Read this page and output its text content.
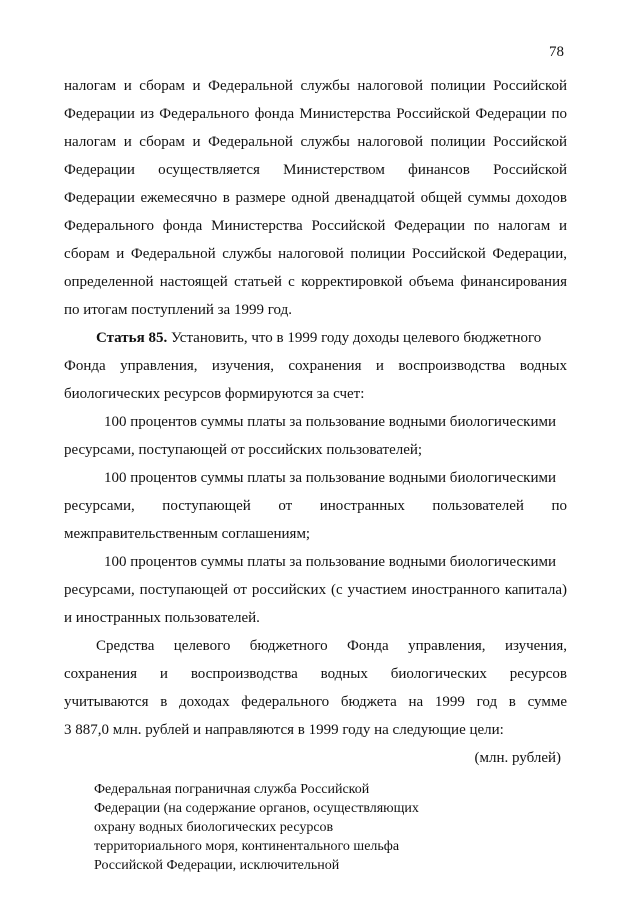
78
налогам и сборам и Федеральной службы налоговой полиции Российской
Федерации из Федерального фонда Министерства Российской Федерации по
налогам и сборам и Федеральной службы налоговой полиции Российской
Федерации осуществляется Министерством финансов Российской
Федерации ежемесячно в размере одной двенадцатой общей суммы доходов
Федерального фонда Министерства Российской Федерации по налогам и
сборам и Федеральной службы налоговой полиции Российской Федерации,
определенной настоящей статьей с корректировкой объема финансирования
по итогам поступлений за 1999 год.
Статья 85. Установить, что в 1999 году доходы целевого бюджетного
Фонда управления, изучения, сохранения и воспроизводства водных
биологических ресурсов формируются за счет:
100 процентов суммы платы за пользование водными биологическими
ресурсами, поступающей от российских пользователей;
100 процентов суммы платы за пользование водными биологическими
ресурсами, поступающей от иностранных пользователей по
межправительственным соглашениям;
100 процентов суммы платы за пользование водными биологическими
ресурсами, поступающей от российских (с участием иностранного капитала)
и иностранных пользователей.
Средства целевого бюджетного Фонда управления, изучения,
сохранения и воспроизводства водных биологических ресурсов
учитываются в доходах федерального бюджета на 1999 год в сумме
3 887,0 млн. рублей и направляются в 1999 году на следующие цели:
(млн. рублей)
Федеральная пограничная служба Российской
Федерации (на содержание органов, осуществляющих
охрану водных биологических ресурсов
территориального моря, континентального шельфа
Российской Федерации, исключительной
